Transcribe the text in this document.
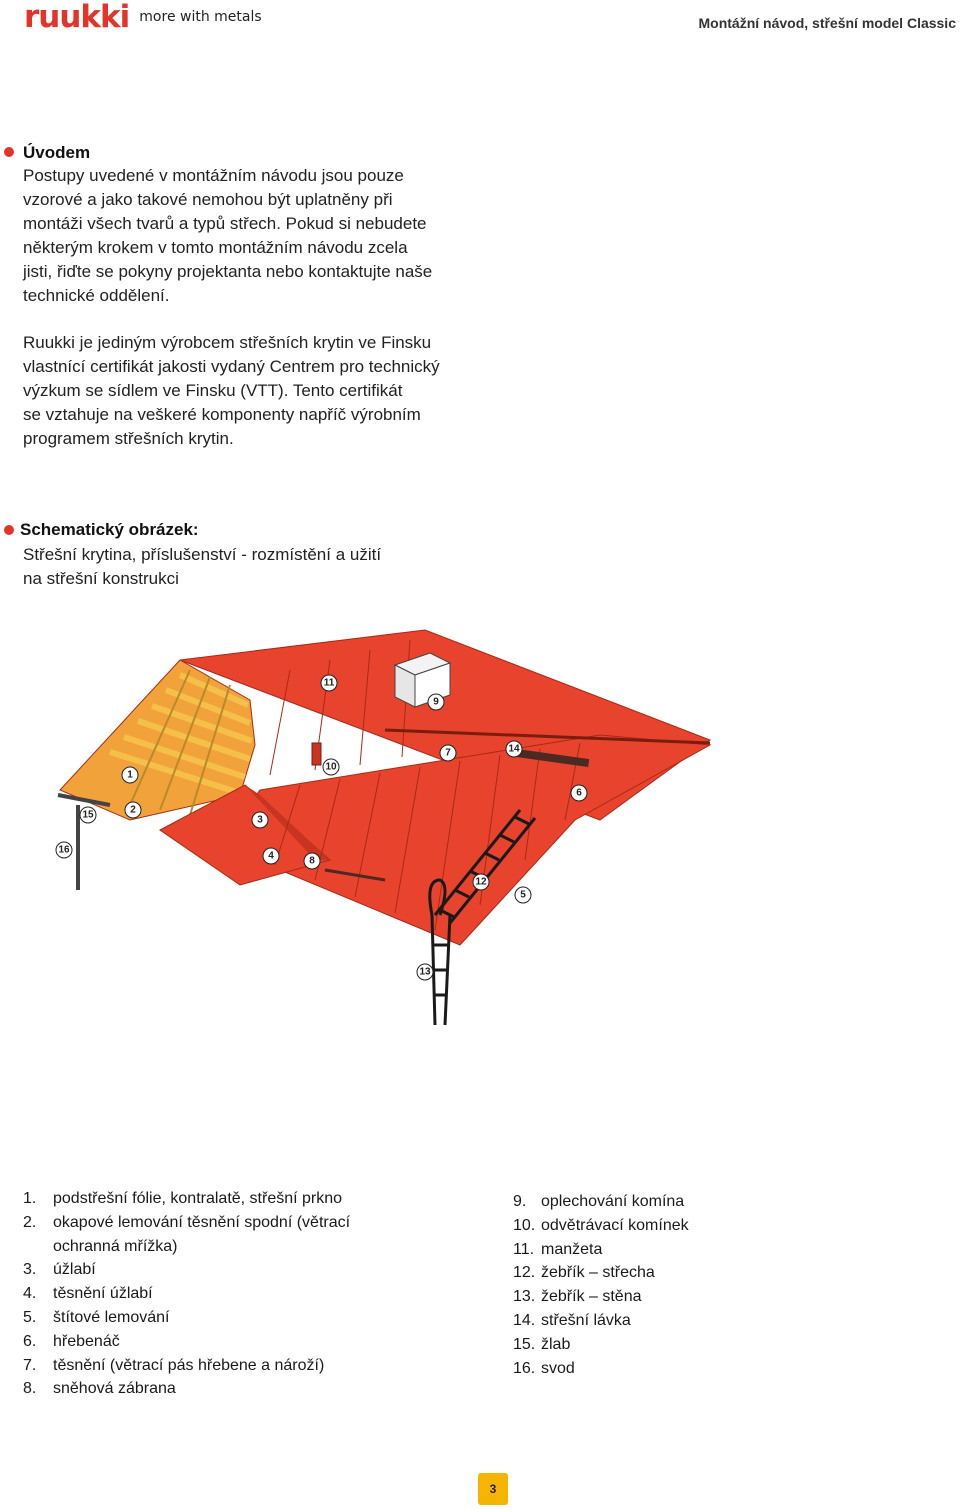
ruukki more with metals	Montážní návod, střešní model Classic
Úvodem
Postupy uvedené v montážním návodu jsou pouze
vzorové a jako takové nemohou být uplatněny při
montáži všech tvarů a typů střech. Pokud si nebudete
některým krokem v tomto montážním návodu zcela
jisti, řiďte se pokyny projektanta nebo kontaktujte naše
technické oddělení.
Ruukki je jediným výrobcem střešních krytin ve Finsku
vlastnící certifikát jakosti vydaný Centrem pro technický
výzkum se sídlem ve Finsku (VTT). Tento certifikát
se vztahuje na veškeré komponenty napříč výrobním
programem střešních krytin.
Schematický obrázek:
Střešní krytina, příslušenství - rozmístění a užití
na střešní konstrukci
1
2
3
4
5
6
7
8
9
10
11
12
13
14
15
16
1.	podstřešní fólie, kontralatě, střešní prkno
2.	okapové lemování těsnění spodní (větrací
ochranná mřížka)
3.	úžlabí
4.	těsnění úžlabí
5.	štítové lemování
6.	hřebenáč
7.	těsnění (větrací pás hřebene a nároží)
8.	sněhová zábrana
9. oplechování komína
10. odvětrávací komínek
11. manžeta
12. žebřík – střecha
13. žebřík – stěna
14. střešní lávka
15. žlab
16. svod
3
